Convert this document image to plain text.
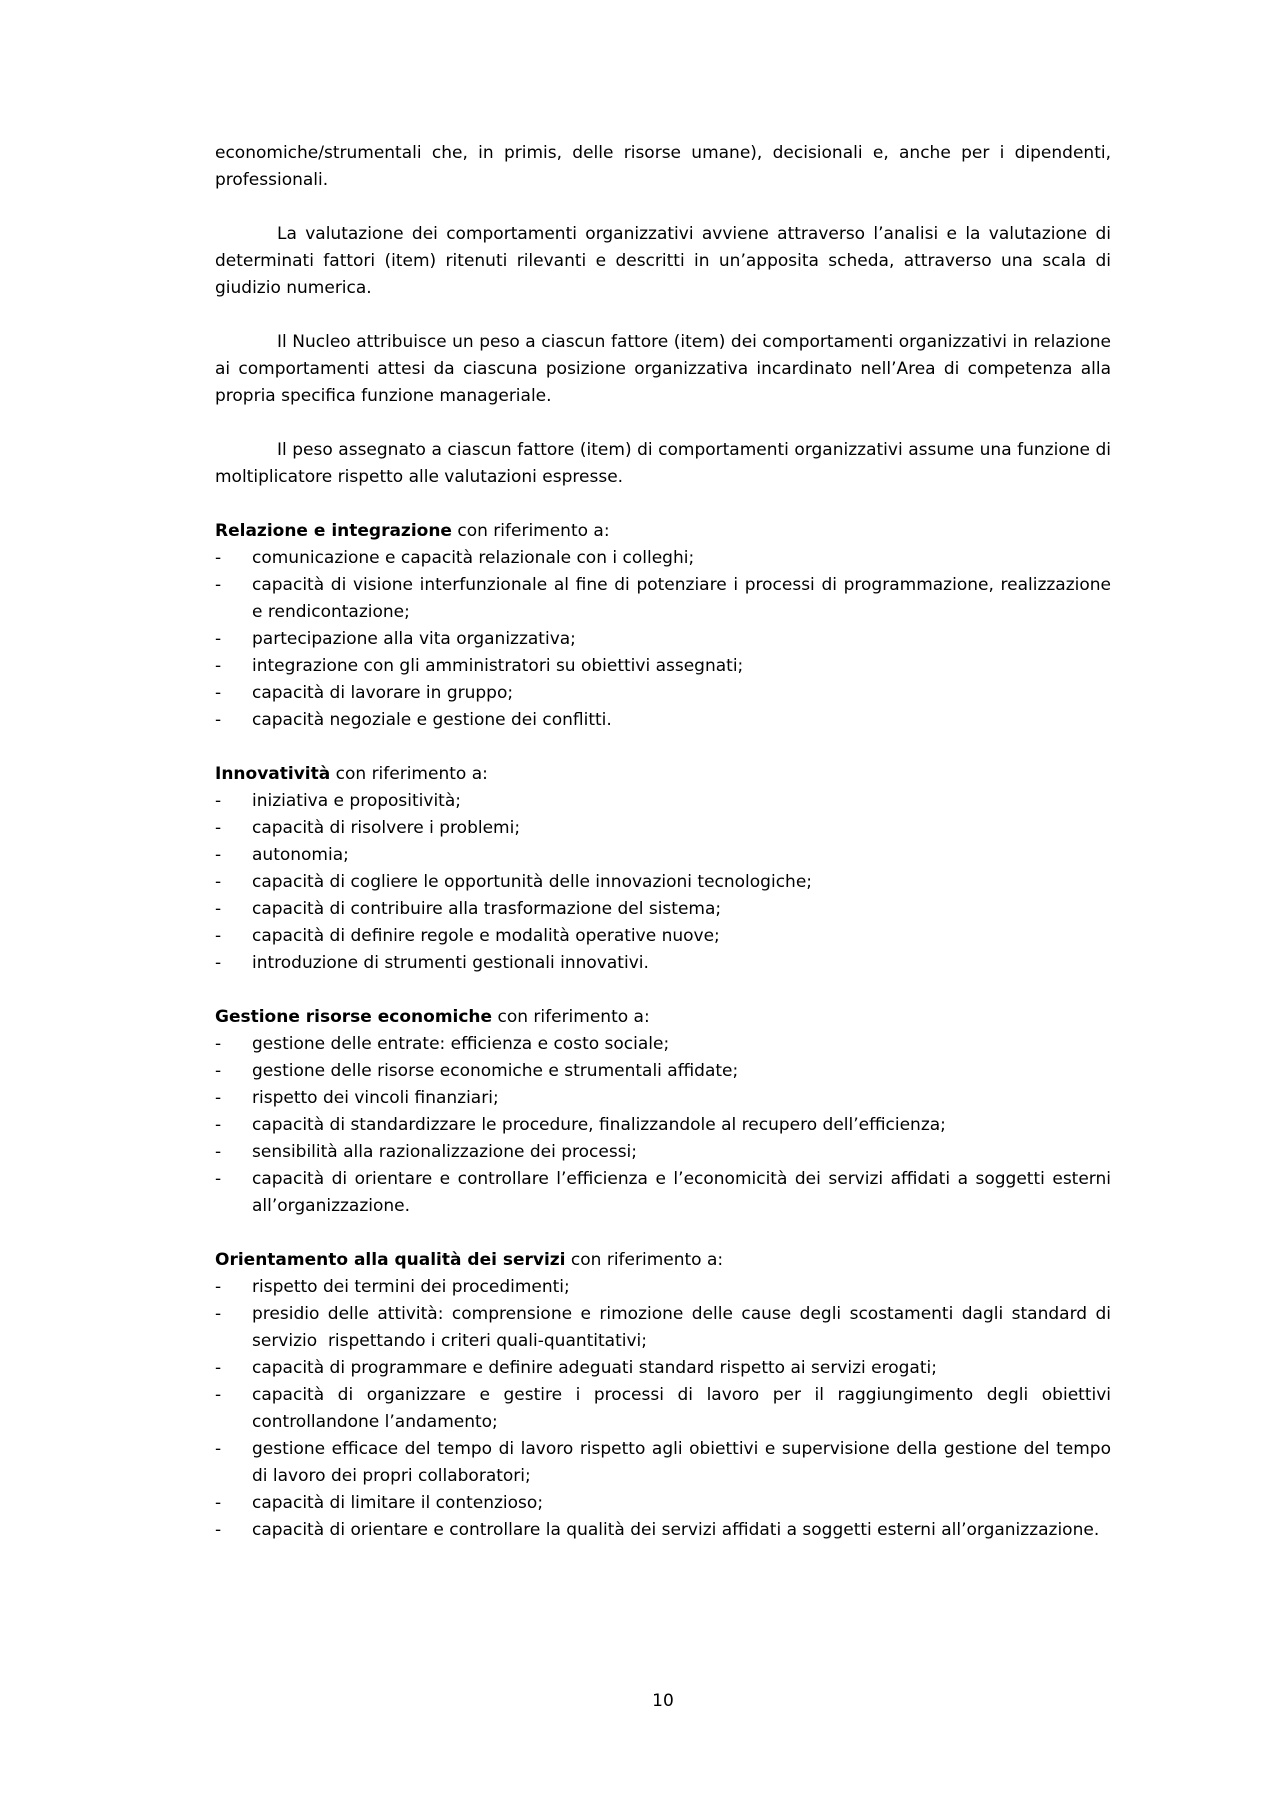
economiche/strumentali che, in primis, delle risorse umane), decisionali e, anche per i dipendenti, professionali.

La valutazione dei comportamenti organizzativi avviene attraverso l’analisi e la valutazione di determinati fattori (item) ritenuti rilevanti e descritti in un’apposita scheda, attraverso una scala di giudizio numerica.

Il Nucleo attribuisce un peso a ciascun fattore (item) dei comportamenti organizzativi in relazione ai comportamenti attesi da ciascuna posizione organizzativa incardinato nell’Area di competenza alla propria specifica funzione manageriale.

Il peso assegnato a ciascun fattore (item) di comportamenti organizzativi assume una funzione di moltiplicatore rispetto alle valutazioni espresse.

Relazione e integrazione con riferimento a:

-	comunicazione e capacità relazionale con i colleghi;
-	capacità di visione interfunzionale al fine di potenziare i processi di programmazione, realizzazione e rendicontazione;
-	partecipazione alla vita organizzativa;
-	integrazione con gli amministratori su obiettivi assegnati;
-	capacità di lavorare in gruppo;
-	capacità negoziale e gestione dei conflitti.

Innovatività con riferimento a:

-	iniziativa e propositività;
-	capacità di risolvere i problemi;
-	autonomia;
-	capacità di cogliere le opportunità delle innovazioni tecnologiche;
-	capacità di contribuire alla trasformazione del sistema;
-	capacità di definire regole e modalità operative nuove;
-	introduzione di strumenti gestionali innovativi.

Gestione risorse economiche con riferimento a:

-	gestione delle entrate: efficienza e costo sociale;
-	gestione delle risorse economiche e strumentali affidate;
-	rispetto dei vincoli finanziari;
-	capacità di standardizzare le procedure, finalizzandole al recupero dell’efficienza;
-	sensibilità alla razionalizzazione dei processi;
-	capacità di orientare e controllare l’efficienza e l’economicità dei servizi affidati a soggetti esterni all’organizzazione.

Orientamento alla qualità dei servizi con riferimento a:

-	rispetto dei termini dei procedimenti;
-	presidio delle attività: comprensione e rimozione delle cause degli scostamenti dagli standard di servizio  rispettando i criteri quali-quantitativi;
-	capacità di programmare e definire adeguati standard rispetto ai servizi erogati;
-	capacità di organizzare e gestire i processi di lavoro per il raggiungimento degli obiettivi controllandone l’andamento;
-	gestione efficace del tempo di lavoro rispetto agli obiettivi e supervisione della gestione del tempo di lavoro dei propri collaboratori;
-	capacità di limitare il contenzioso;
-	capacità di orientare e controllare la qualità dei servizi affidati a soggetti esterni all’organizzazione.
10
